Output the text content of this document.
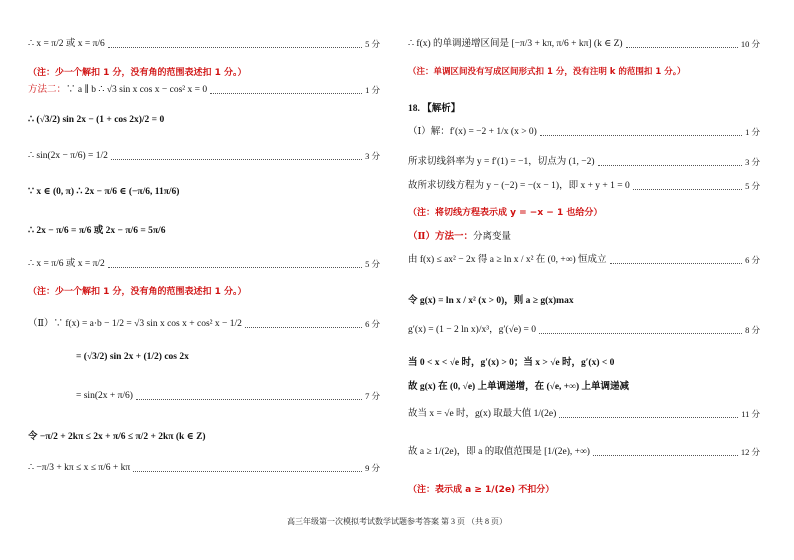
∴ x = π/2 或 x = π/6	5 分
（注：少一个解扣 1 分，没有角的范围表述扣 1 分。）
方法二：∵ a ∥ b ∴ √3 sin x cos x − cos² x = 0	1 分
∴ (√3/2) sin 2x − (1 + cos 2x)/2 = 0
∴ sin(2x − π/6) = 1/2	3 分
∵ x ∈ (0, π) ∴ 2x − π/6 ∈ (−π/6, 11π/6)
∴ 2x − π/6 = π/6 或 2x − π/6 = 5π/6
∴ x = π/6 或 x = π/2	5 分
（注：少一个解扣 1 分，没有角的范围表述扣 1 分。）
（Ⅱ）∵ f(x) = a·b − 1/2 = √3 sin x cos x + cos² x − 1/2	6 分
= (√3/2) sin 2x + (1/2) cos 2x
= sin(2x + π/6)	7 分
令 −π/2 + 2kπ ≤ 2x + π/6 ≤ π/2 + 2kπ (k ∈ Z)
∴ −π/3 + kπ ≤ x ≤ π/6 + kπ	9 分
∴ f(x) 的单调递增区间是 [−π/3 + kπ, π/6 + kπ] (k ∈ Z)	10 分
（注：单调区间没有写成区间形式扣 1 分，没有注明 k 的范围扣 1 分。）
18. 【解析】
（Ⅰ）解：f′(x) = −2 + 1/x (x > 0)	1 分
所求切线斜率为 y = f′(1) = −1，切点为 (1, −2)	3 分
故所求切线方程为 y − (−2) = −(x − 1)，即 x + y + 1 = 0	5 分
（注：将切线方程表示成 y = −x − 1 也给分）
（Ⅱ）方法一：分离变量
由 f(x) ≤ ax² − 2x 得 a ≥ ln x / x² 在 (0, +∞) 恒成立	6 分
令 g(x) = ln x / x² (x > 0)，则 a ≥ g(x)max
g′(x) = (1 − 2 ln x)/x³，g′(√e) = 0	8 分
当 0 < x < √e 时，g′(x) > 0；当 x > √e 时，g′(x) < 0
故 g(x) 在 (0, √e) 上单调递增，在 (√e, +∞) 上单调递减
故当 x = √e 时，g(x) 取最大值 1/(2e)	11 分
故 a ≥ 1/(2e)，即 a 的取值范围是 [1/(2e), +∞)	12 分
（注：表示成 a ≥ 1/(2e) 不扣分）
高三年级第一次模拟考试数学试题参考答案 第 3 页 （共 8 页）
